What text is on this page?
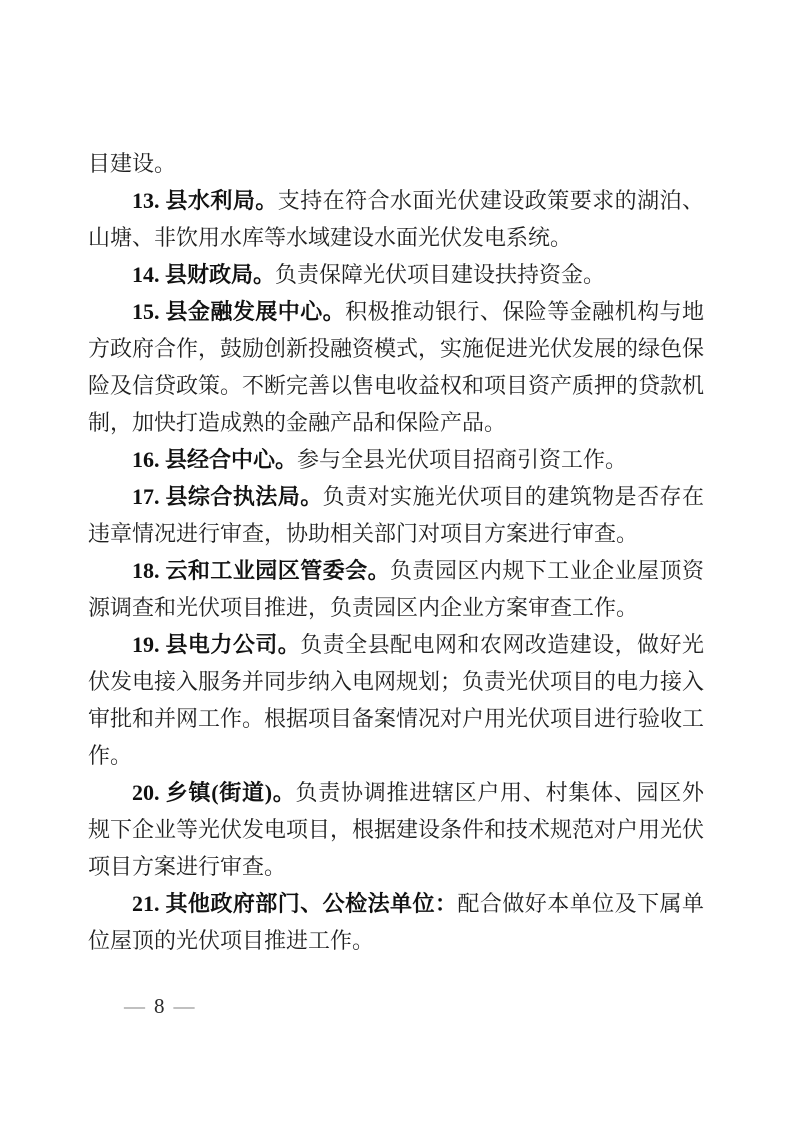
目建设。

13. 县水利局。支持在符合水面光伏建设政策要求的湖泊、山塘、非饮用水库等水域建设水面光伏发电系统。

14. 县财政局。负责保障光伏项目建设扶持资金。

15. 县金融发展中心。积极推动银行、保险等金融机构与地方政府合作，鼓励创新投融资模式，实施促进光伏发展的绿色保险及信贷政策。不断完善以售电收益权和项目资产质押的贷款机制，加快打造成熟的金融产品和保险产品。

16. 县经合中心。参与全县光伏项目招商引资工作。

17. 县综合执法局。负责对实施光伏项目的建筑物是否存在违章情况进行审查，协助相关部门对项目方案进行审查。

18. 云和工业园区管委会。负责园区内规下工业企业屋顶资源调查和光伏项目推进，负责园区内企业方案审查工作。

19. 县电力公司。负责全县配电网和农网改造建设，做好光伏发电接入服务并同步纳入电网规划；负责光伏项目的电力接入审批和并网工作。根据项目备案情况对户用光伏项目进行验收工作。

20. 乡镇(街道)。负责协调推进辖区户用、村集体、园区外规下企业等光伏发电项目，根据建设条件和技术规范对户用光伏项目方案进行审查。

21. 其他政府部门、公检法单位：配合做好本单位及下属单位屋顶的光伏项目推进工作。

— 8 —
